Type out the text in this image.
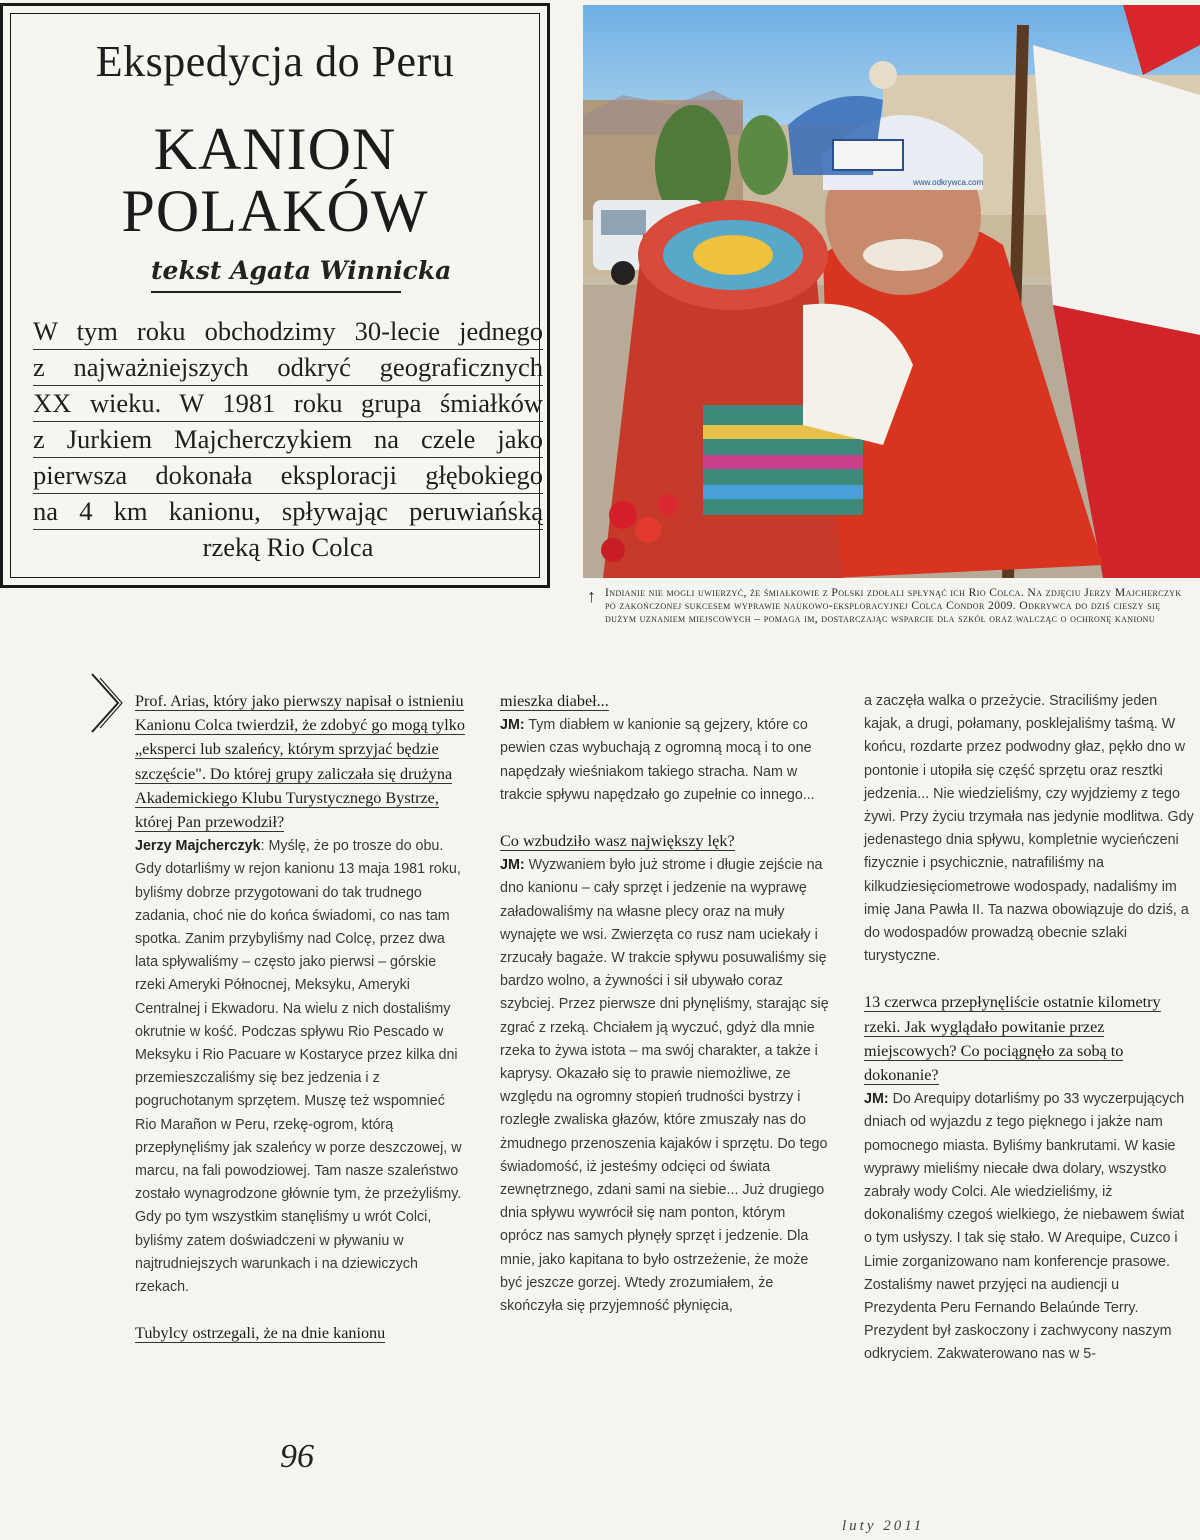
Ekspedycja do Peru
KANION
POLAKÓW
tekst Agata Winnicka
W tym roku obchodzimy 30-lecie jednego
z najważniejszych odkryć geograficznych
XX wieku. W 1981 roku grupa śmiałków
z Jurkiem Majcherczykiem na czele jako
pierwsza dokonała eksploracji głębokiego
na 4 km kanionu, spływając peruwiańską
rzeką Rio Colca
www.odkrywca.com
↑ Indianie nie mogli uwierzyć, że śmiałkowie z Polski zdołali spłynąć ich Rio Colca. Na zdjęciu Jerzy Majcherczyk po zakończonej sukcesem wyprawie naukowo-eksploracyjnej Colca Condor 2009. Odkrywca do dziś cieszy się dużym uznaniem miejscowych – pomaga im, dostarczając wsparcie dla szkół oraz walcząc o ochronę kanionu
Prof. Arias, który jako pierwszy napisał o istnieniu Kanionu Colca twierdził, że zdobyć go mogą tylko „eksperci lub szaleńcy, którym sprzyjać będzie szczęście". Do której grupy zaliczała się drużyna Akademickiego Klubu Turystycznego Bystrze, której Pan przewodził?

Jerzy Majcherczyk: Myślę, że po trosze do obu. Gdy dotarliśmy w rejon kanionu 13 maja 1981 roku, byliśmy dobrze przygotowani do tak trudnego zadania, choć nie do końca świadomi, co nas tam spotka. Zanim przybyliśmy nad Colcę, przez dwa lata spływaliśmy – często jako pierwsi – górskie rzeki Ameryki Północnej, Meksyku, Ameryki Centralnej i Ekwadoru. Na wielu z nich dostaliśmy okrutnie w kość. Podczas spływu Rio Pescado w Meksyku i Rio Pacuare w Kostaryce przez kilka dni przemieszczaliśmy się bez jedzenia i z pogruchotanym sprzętem. Muszę też wspomnieć Rio Marañon w Peru, rzekę-ogrom, którą przepłynęliśmy jak szaleńcy w porze deszczowej, w marcu, na fali powodziowej. Tam nasze szaleństwo zostało wynagrodzone głównie tym, że przeżyliśmy. Gdy po tym wszystkim stanęliśmy u wrót Colci, byliśmy zatem doświadczeni w pływaniu w najtrudniejszych warunkach i na dziewiczych rzekach.

Tubylcy ostrzegali, że na dnie kanionu
mieszka diabeł...

JM: Tym diabłem w kanionie są gejzery, które co pewien czas wybuchają z ogromną mocą i to one napędzały wieśniakom takiego stracha. Nam w trakcie spływu napędzało go zupełnie co innego...

Co wzbudziło wasz największy lęk?

JM: Wyzwaniem było już strome i długie zejście na dno kanionu – cały sprzęt i jedzenie na wyprawę załadowaliśmy na własne plecy oraz na muły wynajęte we wsi. Zwierzęta co rusz nam uciekały i zrzucały bagaże. W trakcie spływu posuwaliśmy się bardzo wolno, a żywności i sił ubywało coraz szybciej. Przez pierwsze dni płynęliśmy, starając się zgrać z rzeką. Chciałem ją wyczuć, gdyż dla mnie rzeka to żywa istota – ma swój charakter, a także i kaprysy. Okazało się to prawie niemożliwe, ze względu na ogromny stopień trudności bystrzy i rozległe zwaliska głazów, które zmuszały nas do żmudnego przenoszenia kajaków i sprzętu. Do tego świadomość, iż jesteśmy odcięci od świata zewnętrznego, zdani sami na siebie... Już drugiego dnia spływu wywrócił się nam ponton, którym oprócz nas samych płynęły sprzęt i jedzenie. Dla mnie, jako kapitana to było ostrzeżenie, że może być jeszcze gorzej. Wtedy zrozumiałem, że skończyła się przyjemność płynięcia,

a zaczęła walka o przeżycie. Straciliśmy jeden kajak, a drugi, połamany, posklejaliśmy taśmą. W końcu, rozdarte przez podwodny głaz, pękło dno w pontonie i utopiła się część sprzętu oraz resztki jedzenia... Nie wiedzieliśmy, czy wyjdziemy z tego żywi. Przy życiu trzymała nas jedynie modlitwa. Gdy jedenastego dnia spływu, kompletnie wycieńczeni fizycznie i psychicznie, natrafiliśmy na kilkudziesięciometrowe wodospady, nadaliśmy im imię Jana Pawła II. Ta nazwa obowiązuje do dziś, a do wodospadów prowadzą obecnie szlaki turystyczne.

13 czerwca przepłynęliście ostatnie kilometry rzeki. Jak wyglądało powitanie przez miejscowych? Co pociągnęło za sobą to dokonanie?

JM: Do Arequipy dotarliśmy po 33 wyczerpujących dniach od wyjazdu z tego pięknego i jakże nam pomocnego miasta. Byliśmy bankrutami. W kasie wyprawy mieliśmy niecałe dwa dolary, wszystko zabrały wody Colci. Ale wiedzieliśmy, iż dokonaliśmy czegoś wielkiego, że niebawem świat o tym usłyszy. I tak się stało. W Arequipe, Cuzco i Limie zorganizowano nam konferencje prasowe. Zostaliśmy nawet przyjęci na audiencji u Prezydenta Peru Fernando Belaúnde Terry. Prezydent był zaskoczony i zachwycony naszym odkryciem. Zakwaterowano nas w 5-

96
luty 2011
